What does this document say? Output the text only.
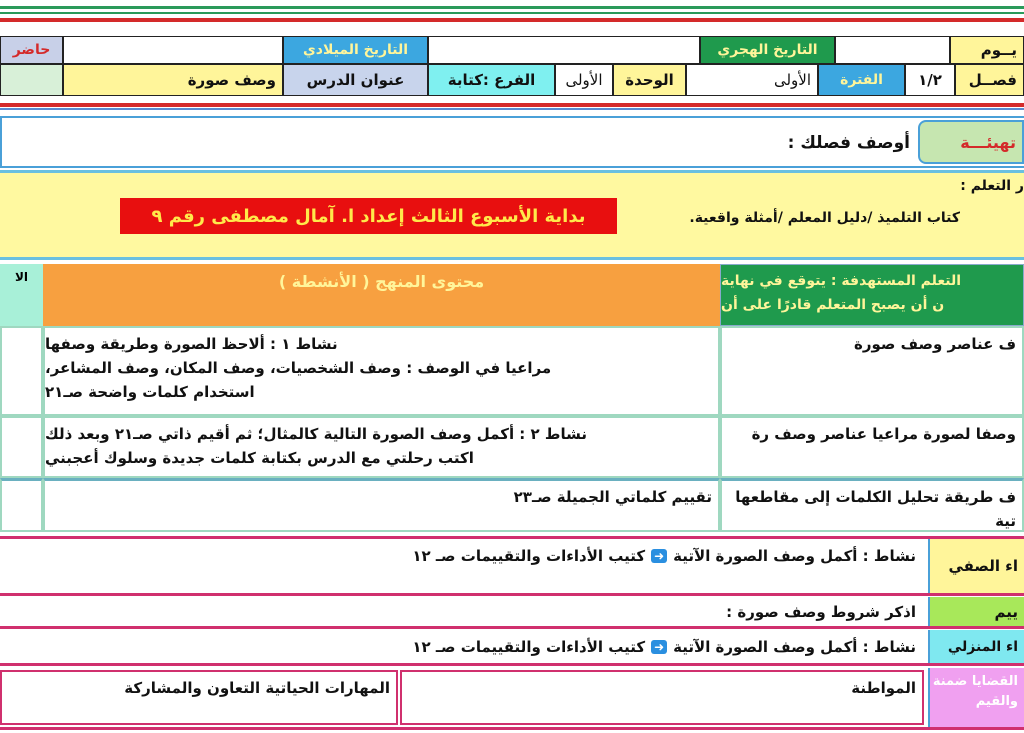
يــوم
التاريخ الهجري
التاريخ الميلادي
حاضر
فصــل
١/٢
الفترة
الأولى
الوحدة
الأولى
الفرع :كتابة
عنوان الدرس
وصف صورة
تهيئـــة
أوصف فصلك :
ر التعلم :
كتاب التلميذ /دليل المعلم /أمثلة واقعية.
بداية الأسبوع الثالث إعداد ا. آمال مصطفى رقم ٩
التعلم المستهدفة : يتوقع في نهاية
ن أن يصبح المتعلم قادرًا على أن
محتوى المنهج ( الأنشطة )
الا
ف عناصر وصف صورة
نشاط ١ : ألاحظ الصورة وطريقة وصفها
مراعيا في الوصف : وصف الشخصيات، وصف المكان، وصف المشاعر،
استخدام كلمات واضحة صـ٢١
وصفا لصورة مراعيا عناصر وصف رة
نشاط ٢ : أكمل وصف الصورة التالية كالمثال؛ ثم أقيم ذاتي صـ٢١ وبعد ذلك
اكتب رحلتي مع الدرس بكتابة كلمات جديدة وسلوك أعجبني
ف طريقة تحليل الكلمات إلى مقاطعها تية
تقييم كلماتي الجميلة صـ٢٣
اء الصفي
نشاط : أكمل وصف الصورة الآتية
➜
كتيب الأداءات والتقييمات صـ ١٢
ييم
اذكر شروط وصف صورة :
اء المنزلي
نشاط : أكمل وصف الصورة الآتية
➜
كتيب الأداءات والتقييمات صـ ١٢
القضايا ضمنة والقيم
المواطنة
المهارات الحياتية التعاون والمشاركة
